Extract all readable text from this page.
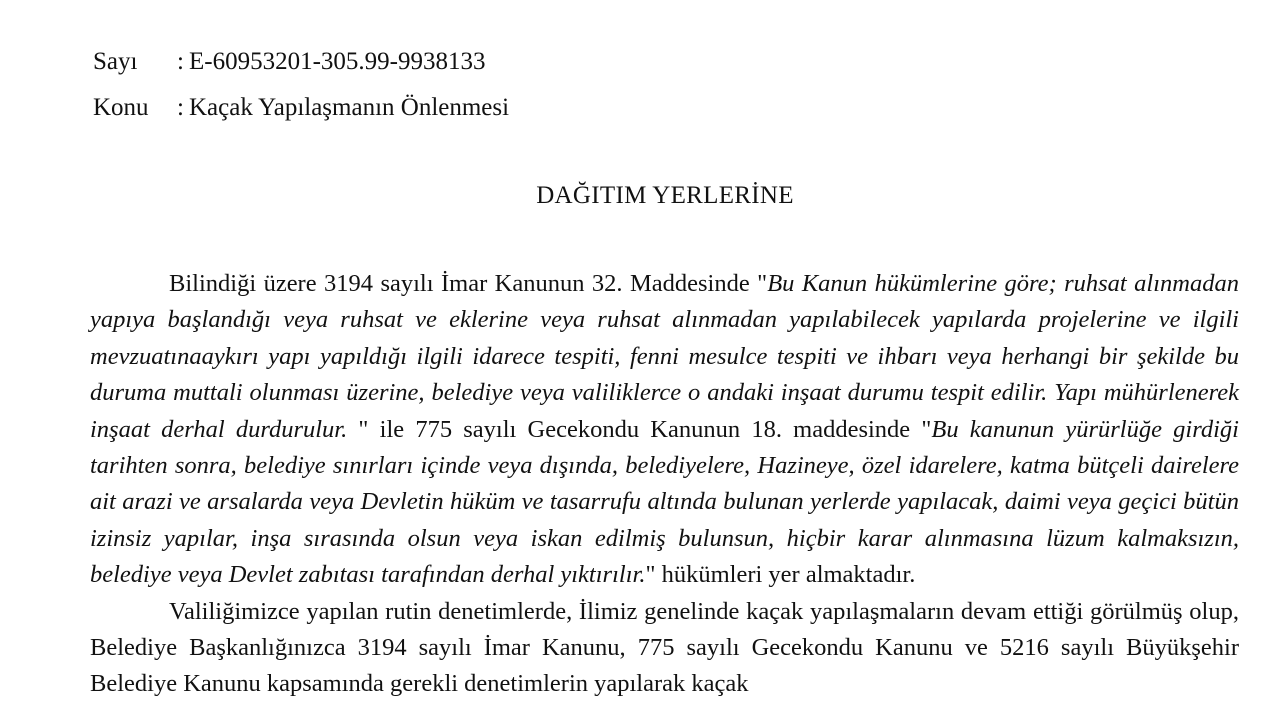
Sayı : E-60953201-305.99-9938133
Konu : Kaçak Yapılaşmanın Önlenmesi
DAĞITIM YERLERİNE

Bilindiği üzere 3194 sayılı İmar Kanunun 32. Maddesinde "Bu Kanun hükümlerine göre; ruhsat alınmadan yapıya başlandığı veya ruhsat ve eklerine veya ruhsat alınmadan yapılabilecek yapılarda projelerine ve ilgili mevzuatınaaykırı yapı yapıldığı ilgili idarece tespiti, fenni mesulce tespiti ve ihbarı veya herhangi bir şekilde bu duruma muttali olunması üzerine, belediye veya valiliklerce o andaki inşaat durumu tespit edilir. Yapı mühürlenerek inşaat derhal durdurulur. " ile 775 sayılı Gecekondu Kanunun 18. maddesinde "Bu kanunun yürürlüğe girdiği tarihten sonra, belediye sınırları içinde veya dışında, belediyelere, Hazineye, özel idarelere, katma bütçeli dairelere ait arazi ve arsalarda veya Devletin hüküm ve tasarrufu altında bulunan yerlerde yapılacak, daimi veya geçici bütün izinsiz yapılar, inşa sırasında olsun veya iskan edilmiş bulunsun, hiçbir karar alınmasına lüzum kalmaksızın, belediye veya Devlet zabıtası tarafından derhal yıktırılır." hükümleri yer almaktadır.

Valiliğimizce yapılan rutin denetimlerde, İlimiz genelinde kaçak yapılaşmaların devam ettiği görülmüş olup, Belediye Başkanlığınızca 3194 sayılı İmar Kanunu, 775 sayılı Gecekondu Kanunu ve 5216 sayılı Büyükşehir Belediye Kanunu kapsamında gerekli denetimlerin yapılarak kaçak
